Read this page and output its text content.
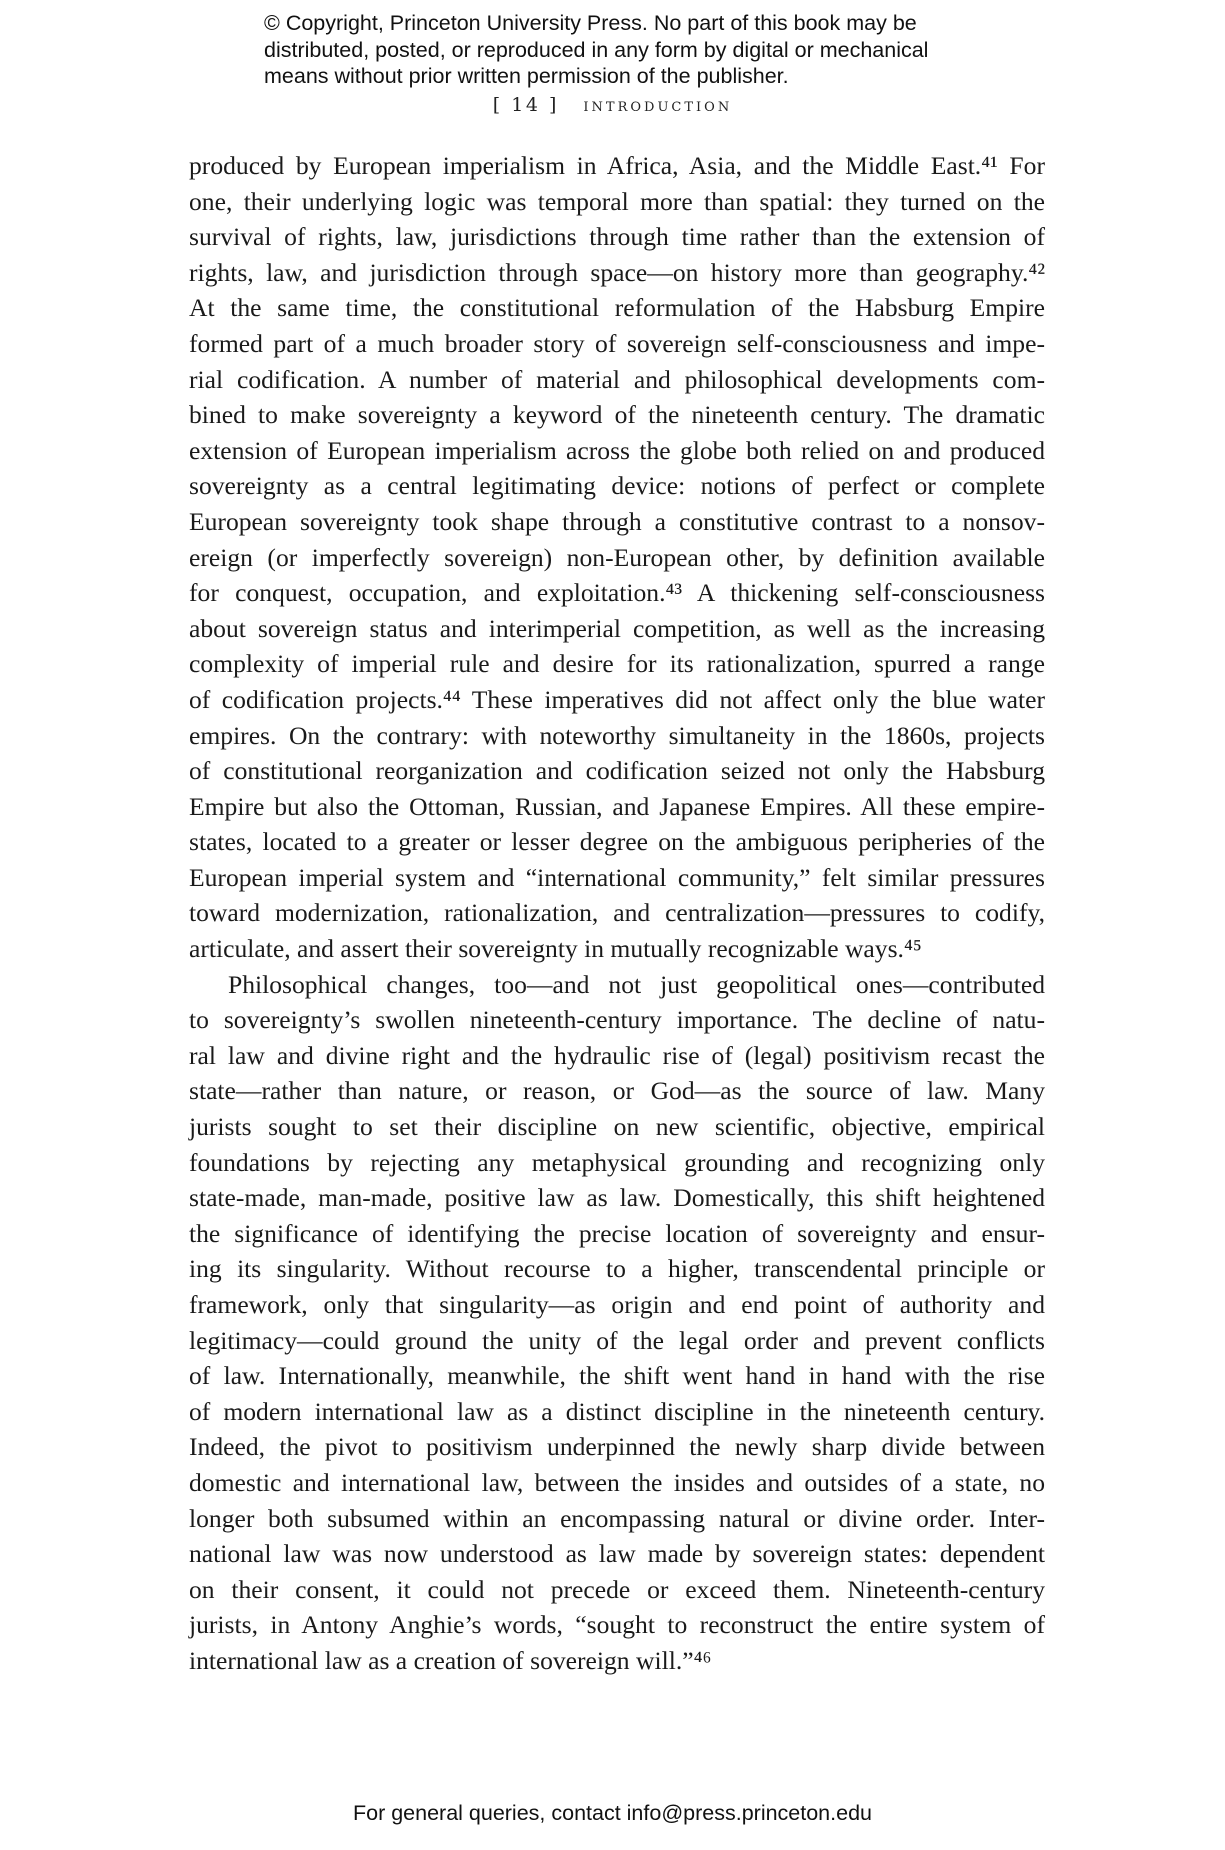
© Copyright, Princeton University Press. No part of this book may be
distributed, posted, or reproduced in any form by digital or mechanical
means without prior written permission of the publisher.
[ 14 ] introduction
produced by European imperialism in Africa, Asia, and the Middle East.⁴¹ For
one, their underlying logic was temporal more than spatial: they turned on the
survival of rights, law, jurisdictions through time rather than the extension of
rights, law, and jurisdiction through space—on history more than geography.⁴²
At the same time, the constitutional reformulation of the Habsburg Empire
formed part of a much broader story of sovereign self-consciousness and impe-
rial codification. A number of material and philosophical developments com-
bined to make sovereignty a keyword of the nineteenth century. The dramatic
extension of European imperialism across the globe both relied on and produced
sovereignty as a central legitimating device: notions of perfect or complete
European sovereignty took shape through a constitutive contrast to a nonsov-
ereign (or imperfectly sovereign) non-European other, by definition available
for conquest, occupation, and exploitation.⁴³ A thickening self-consciousness
about sovereign status and interimperial competition, as well as the increasing
complexity of imperial rule and desire for its rationalization, spurred a range
of codification projects.⁴⁴ These imperatives did not affect only the blue water
empires. On the contrary: with noteworthy simultaneity in the 1860s, projects
of constitutional reorganization and codification seized not only the Habsburg
Empire but also the Ottoman, Russian, and Japanese Empires. All these empire-
states, located to a greater or lesser degree on the ambiguous peripheries of the
European imperial system and “international community,” felt similar pressures
toward modernization, rationalization, and centralization—pressures to codify,
articulate, and assert their sovereignty in mutually recognizable ways.⁴⁵
Philosophical changes, too—and not just geopolitical ones—contributed
to sovereignty’s swollen nineteenth-century importance. The decline of natu-
ral law and divine right and the hydraulic rise of (legal) positivism recast the
state—rather than nature, or reason, or God—as the source of law. Many
jurists sought to set their discipline on new scientific, objective, empirical
foundations by rejecting any metaphysical grounding and recognizing only
state-made, man-made, positive law as law. Domestically, this shift heightened
the significance of identifying the precise location of sovereignty and ensur-
ing its singularity. Without recourse to a higher, transcendental principle or
framework, only that singularity—as origin and end point of authority and
legitimacy—could ground the unity of the legal order and prevent conflicts
of law. Internationally, meanwhile, the shift went hand in hand with the rise
of modern international law as a distinct discipline in the nineteenth century.
Indeed, the pivot to positivism underpinned the newly sharp divide between
domestic and international law, between the insides and outsides of a state, no
longer both subsumed within an encompassing natural or divine order. Inter-
national law was now understood as law made by sovereign states: dependent
on their consent, it could not precede or exceed them. Nineteenth-century
jurists, in Antony Anghie’s words, “sought to reconstruct the entire system of
international law as a creation of sovereign will.”⁴⁶
For general queries, contact info@press.princeton.edu
